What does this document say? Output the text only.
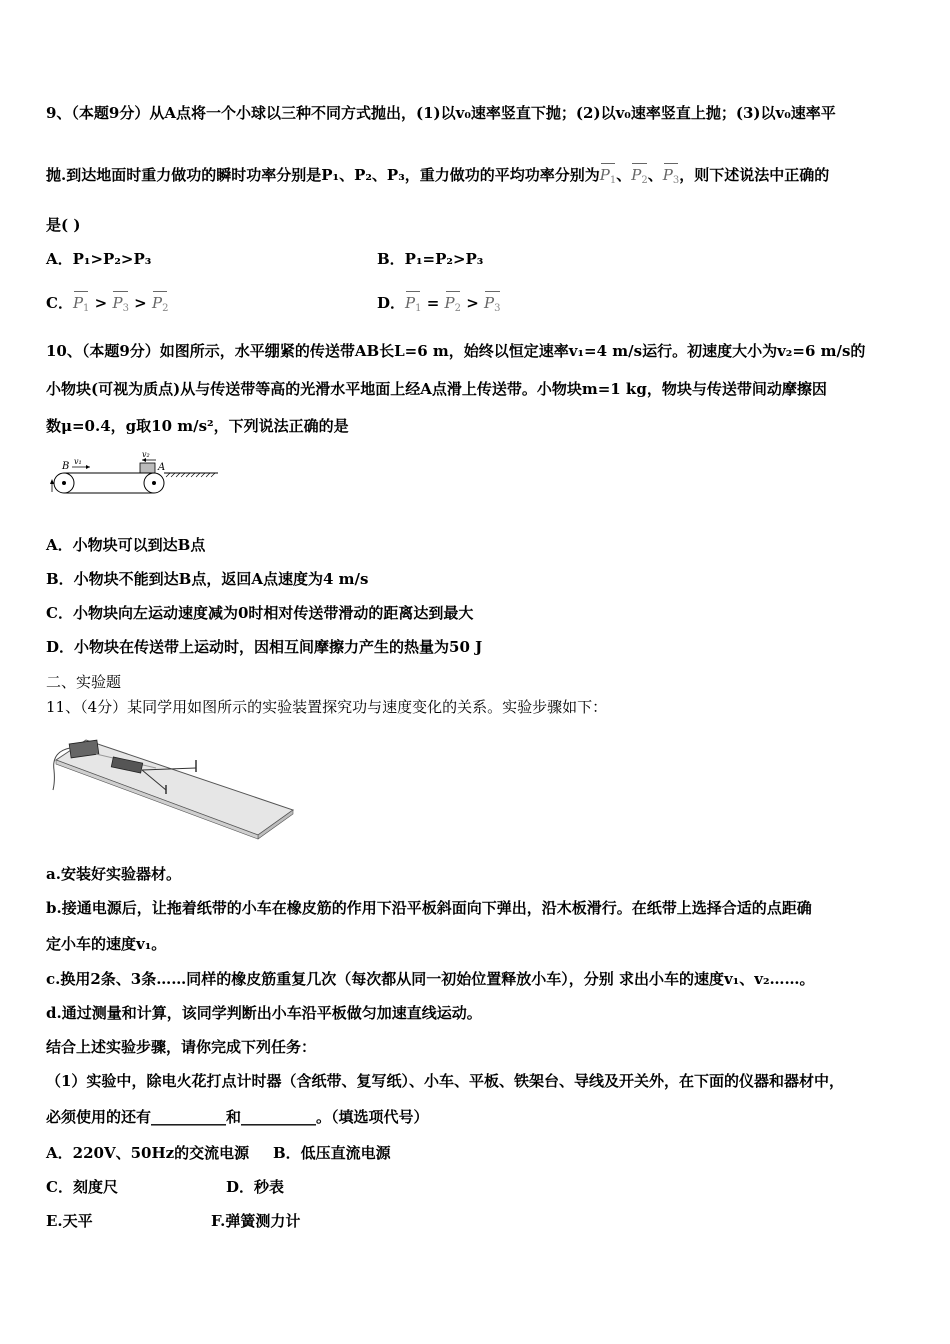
9、（本题9分）从A点将一个小球以三种不同方式抛出，(1)以v₀速率竖直下抛；(2)以v₀速率竖直上抛；(3)以v₀速率平
抛.到达地面时重力做功的瞬时功率分别是P₁、P₂、P₃，重力做功的平均功率分别为$P_1$、$P_2$、$P_3$，则下述说法中正确的
是( )
A．P₁>P₂>P₃	B．P₁=P₂>P₃
C．$P_1 > P_3 > P_2$	D．$P_1 = P_2 > P_3$
10、（本题9分）如图所示，水平绷紧的传送带AB长L=6 m，始终以恒定速率v₁=4 m/s运行。初速度大小为v₂=6 m/s的
小物块(可视为质点)从与传送带等高的光滑水平地面上经A点滑上传送带。小物块m=1 kg，物块与传送带间动摩擦因
数μ=0.4，g取10 m/s²，下列说法正确的是
B v₁
v₂
A
A．小物块可以到达B点
B．小物块不能到达B点，返回A点速度为4 m/s
C．小物块向左运动速度减为0时相对传送带滑动的距离达到最大
D．小物块在传送带上运动时，因相互间摩擦力产生的热量为50 J
二、实验题
11、（4分）某同学用如图所示的实验装置探究功与速度变化的关系。实验步骤如下：
a.安装好实验器材。
b.接通电源后，让拖着纸带的小车在橡皮筋的作用下沿平板斜面向下弹出，沿木板滑行。在纸带上选择合适的点距确
定小车的速度v₁。
c.换用2条、3条……同样的橡皮筋重复几次（每次都从同一初始位置释放小车），分别 求出小车的速度v₁、v₂……。
d.通过测量和计算，该同学判断出小车沿平板做匀加速直线运动。
结合上述实验步骤，请你完成下列任务：
（1）实验中，除电火花打点计时器（含纸带、复写纸）、小车、平板、铁架台、导线及开关外，在下面的仪器和器材中，
必须使用的还有__________和__________。（填选项代号）
A．220V、50Hz的交流电源 B．低压直流电源
C．刻度尺	D．秒表
E.天平	F.弹簧测力计
